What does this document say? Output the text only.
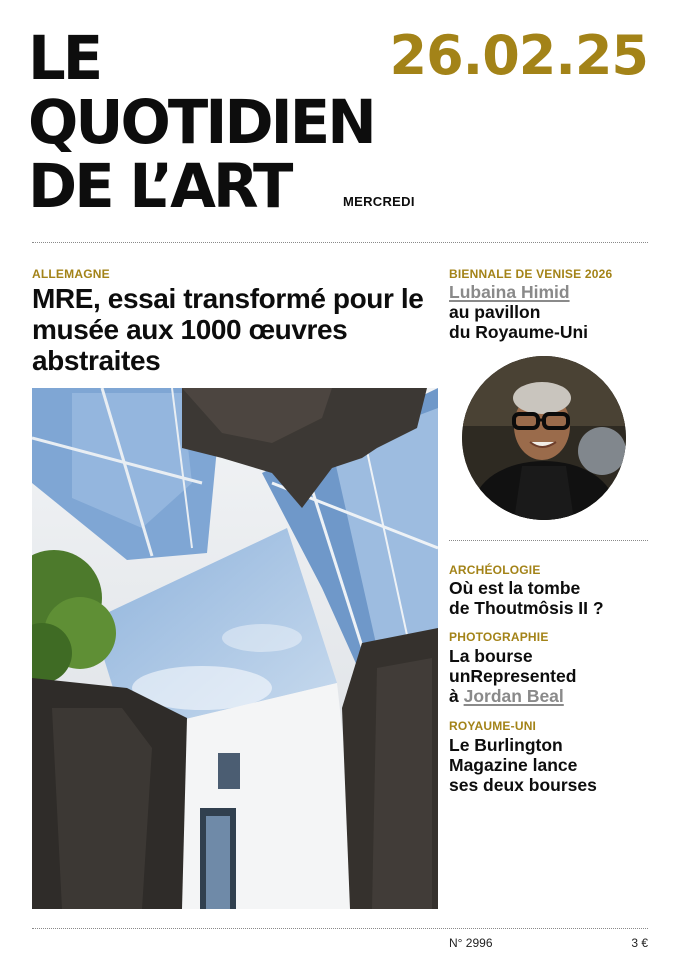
LE
QUOTIDIEN
DE L’ART
26.02.25
MERCREDI

ALLEMAGNE

MRE, essai transformé pour le musée aux 1000 œuvres abstraites

BIENNALE DE VENISE 2026

Lubaina Himid
au pavillon
du Royaume-Uni

ARCHÉOLOGIE

Où est la tombe
de Thoutmôsis II ?

PHOTOGRAPHIE

La bourse
unRepresented
à Jordan Beal

ROYAUME-UNI

Le Burlington
Magazine lance
ses deux bourses
N° 2996	3 €
